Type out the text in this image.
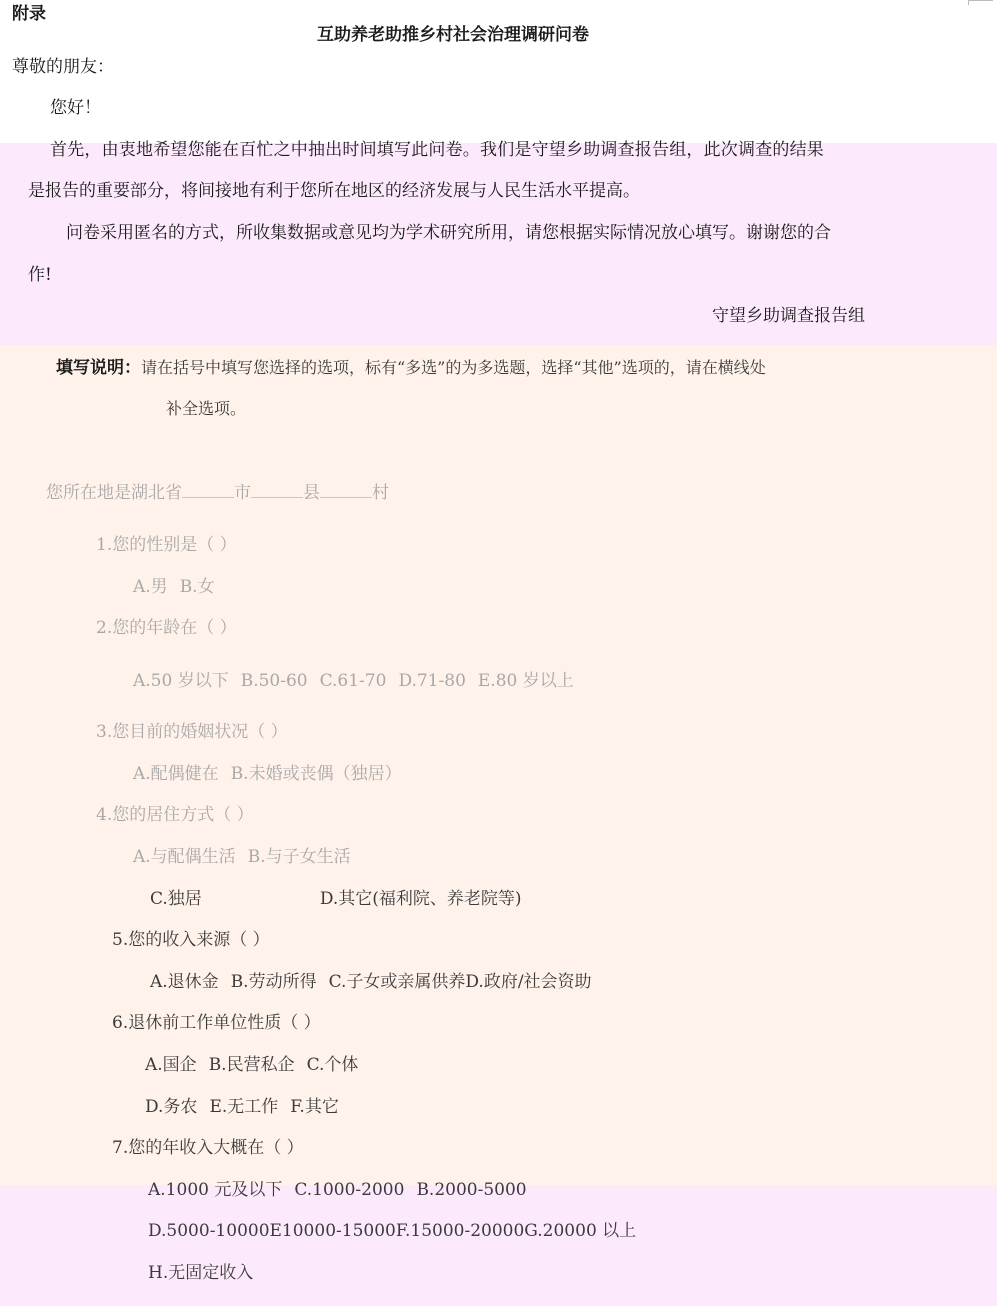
附录
互助养老助推乡村社会治理调研问卷
尊敬的朋友：
您好！
首先，由衷地希望您能在百忙之中抽出时间填写此问卷。我们是守望乡助调查报告组，此次调查的结果
是报告的重要部分，将间接地有利于您所在地区的经济发展与人民生活水平提高。
问卷采用匿名的方式，所收集数据或意见均为学术研究所用，请您根据实际情况放心填写。谢谢您的合
作!
守望乡助调查报告组
填写说明：请在括号中填写您选择的选项，标有“多选”的为多选题，选择“其他”选项的，请在横线处
补全选项。
您所在地是湖北省	市	县	村
1.您的性别是（ ）
A.男 B.女
2.您的年龄在（ ）
A.50 岁以下 B.50-60 C.61-70 D.71-80 E.80 岁以上
3.您目前的婚姻状况（ ）
A.配偶健在 B.未婚或丧偶（独居）
4.您的居住方式（ ）
A.与配偶生活 B.与子女生活
C.独居	D.其它(福利院、养老院等)
5.您的收入来源（ ）
A.退休金 B.劳动所得 C.子女或亲属供养D.政府/社会资助
6.退休前工作单位性质（ ）
A.国企 B.民营私企 C.个体
D.务农 E.无工作 F.其它
7.您的年收入大概在（ ）
A.1000 元及以下 C.1000-2000 B.2000-5000
D.5000-10000E10000-15000F.15000-20000G.20000 以上
H.无固定收入
